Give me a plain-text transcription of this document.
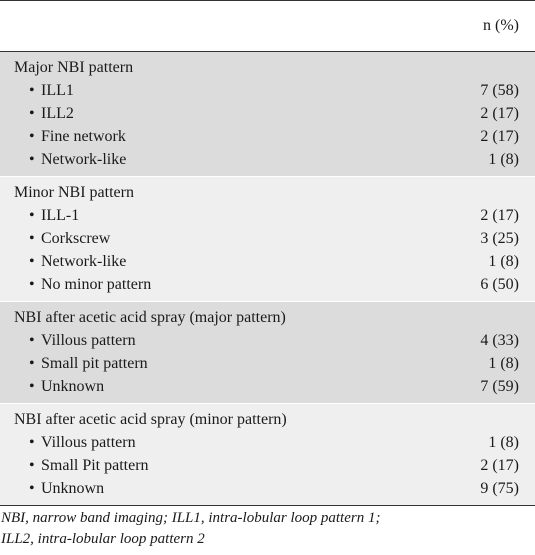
n (%)
Major NBI pattern
• ILL1	7 (58)
• ILL2	2 (17)
• Fine network	2 (17)
• Network-like	1 (8)
Minor NBI pattern
• ILL-1	2 (17)
• Corkscrew	3 (25)
• Network-like	1 (8)
• No minor pattern	6 (50)
NBI after acetic acid spray (major pattern)
• Villous pattern	4 (33)
• Small pit pattern	1 (8)
• Unknown	7 (59)
NBI after acetic acid spray (minor pattern)
• Villous pattern	1 (8)
• Small Pit pattern	2 (17)
• Unknown	9 (75)
NBI, narrow band imaging; ILL1, intra-lobular loop pattern 1;
ILL2, intra-lobular loop pattern 2
